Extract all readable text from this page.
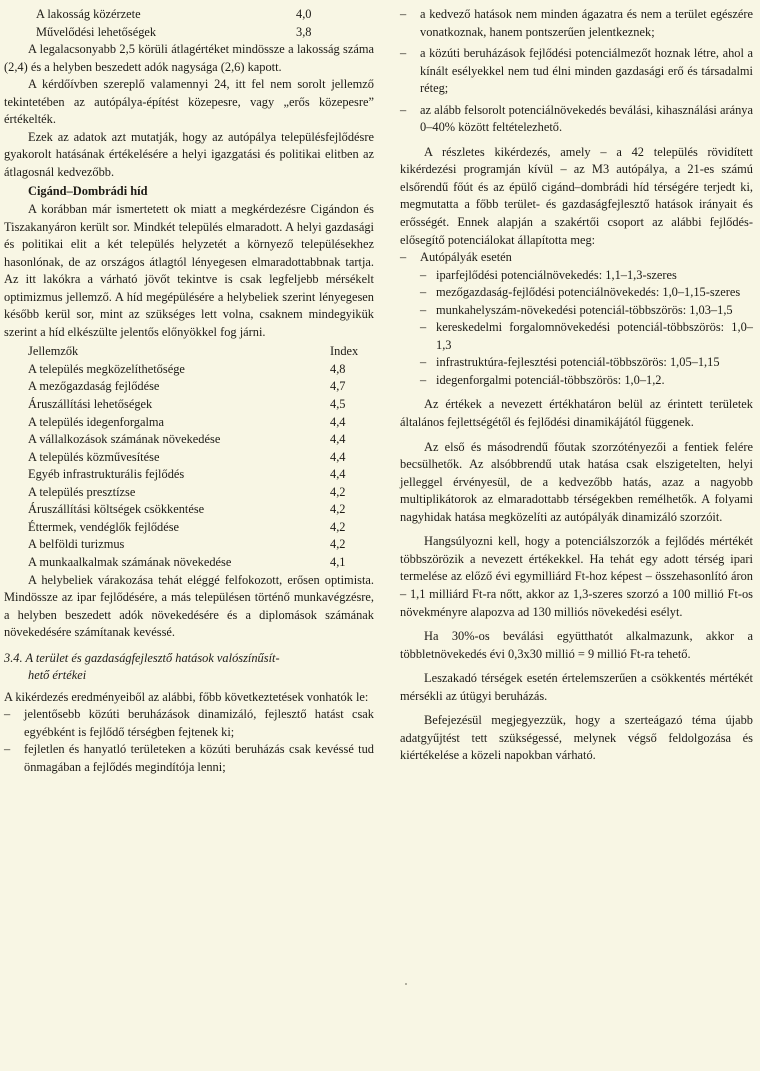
A lakosság közérzete	4,0
Művelődési lehetőségek	3,8

A legalacsonyabb 2,5 körüli átlagértéket mindössze a lakosság száma (2,4) és a helyben beszedett adók nagysága (2,6) kapott.

A kérdőívben szereplő valamennyi 24, itt fel nem sorolt jellemző tekintetében az autópálya-építést közepesre, vagy „erős közepesre” értékelték.

Ezek az adatok azt mutatják, hogy az autópálya településfejlődésre gyakorolt hatásának értékelésére a helyi igazgatási és politikai elitben az átlagosnál kedvezőbb.

Cigánd–Dombrádi híd

A korábban már ismertetett ok miatt a megkérdezésre Cigándon és Tiszakanyáron került sor. Mindkét település elmaradott. A helyi gazdasági és politikai elit a két település helyzetét a környező településekhez hasonlónak, de az országos átlagtól lényegesen elmaradottabbnak tartja. Az itt lakókra a várható jövőt tekintve is csak legfeljebb mérsékelt optimizmus jellemző. A híd megépülésére a helybeliek szerint lényegesen később kerül sor, mint az szükséges lett volna, csaknem mindegyikük szerint a híd elkészülte jelentős előnyökkel fog járni.

Jellemzők	Index
A település megközelíthetősége	4,8
A mezőgazdaság fejlődése	4,7
Áruszállítási lehetőségek	4,5
A település idegenforgalma	4,4
A vállalkozások számának növekedése	4,4
A település közművesítése	4,4
Egyéb infrastrukturális fejlődés	4,4
A település presztízse	4,2
Áruszállítási költségek csökkentése	4,2
Éttermek, vendéglők fejlődése	4,2
A belföldi turizmus	4,2
A munkaalkalmak számának növekedése	4,1

A helybeliek várakozása tehát eléggé felfokozott, erősen optimista. Mindössze az ipar fejlődésére, a más településen történő munkavégzésre, a helyben beszedett adók növekedésére és a diplomások számának növekedésére számítanak kevéssé.

3.4. A terület és gazdaságfejlesztő hatások valószínűsít-
hető értékei

A kikérdezés eredményeiből az alábbi, főbb következtetések vonhatók le:

–	jelentősebb közúti beruházások dinamizáló, fejlesztő hatást csak egyébként is fejlődő térségben fejtenek ki;
–	fejletlen és hanyatló területeken a közúti beruházás csak kevéssé tud önmagában a fejlődés megindítója lenni;
–	a kedvező hatások nem minden ágazatra és nem a terület egészére vonatkoznak, hanem pontszerűen jelentkeznek;
–	a közúti beruházások fejlődési potenciálmezőt hoznak létre, ahol a kínált esélyekkel nem tud élni minden gazdasági erő és társadalmi réteg;
–	az alább felsorolt potenciálnövekedés beválási, kihasználási aránya 0–40% között feltételezhető.

A részletes kikérdezés, amely – a 42 település rövidített kikérdezési programján kívül – az M3 autópálya, a 21-es számú elsőrendű főút és az épülő cigánd–dombrádi híd térségére terjedt ki, megmutatta a főbb terület- és gazdaságfejlesztő hatások irányait és erősségét. Ennek alapján a szakértői csoport az alábbi fejlődés-elősegítő potenciálokat állapította meg:

–	Autópályák esetén
– iparfejlődési potenciálnövekedés: 1,1–1,3-szeres
– mezőgazdaság-fejlődési potenciálnövekedés: 1,0–1,15-szeres
– munkahelyszám-növekedési potenciál-többszörös: 1,03–1,5
– kereskedelmi forgalomnövekedési potenciál-többszörös: 1,0–1,3
– infrastruktúra-fejlesztési potenciál-többszörös: 1,05–1,15
– idegenforgalmi potenciál-többszörös: 1,0–1,2.

Az értékek a nevezett értékhatáron belül az érintett területek általános fejlettségétől és fejlődési dinamikájától függenek.

Az első és másodrendű főutak szorzótényezői a fentiek felére becsülhetők. Az alsóbbrendű utak hatása csak elszigetelten, helyi jelleggel érvényesül, de a kedvezőbb hatás, azaz a nagyobb multiplikátorok az elmaradottabb térségekben remélhetők. A folyami nagyhidak hatása megközelíti az autópályák dinamizáló szorzóit.

Hangsúlyozni kell, hogy a potenciálszorzók a fejlődés mértékét többszörözik a nevezett értékekkel. Ha tehát egy adott térség ipari termelése az előző évi egymilliárd Ft-hoz képest – összehasonlító áron – 1,1 milliárd Ft-ra nőtt, akkor az 1,3-szeres szorzó a 100 millió Ft-os növekményre alapozva ad 130 milliós növekedési esélyt.

Ha 30%-os beválási együtthatót alkalmazunk, akkor a többletnövekedés évi 0,3x30 millió = 9 millió Ft-ra tehető.

Leszakadó térségek esetén értelemszerűen a csökkentés mértékét mérsékli az útügyi beruházás.

Befejezésül megjegyezzük, hogy a szerteágazó téma újabb adatgyűjtést tett szükségessé, melynek végső feldolgozása és kiértékelése a közeli napokban várható.
